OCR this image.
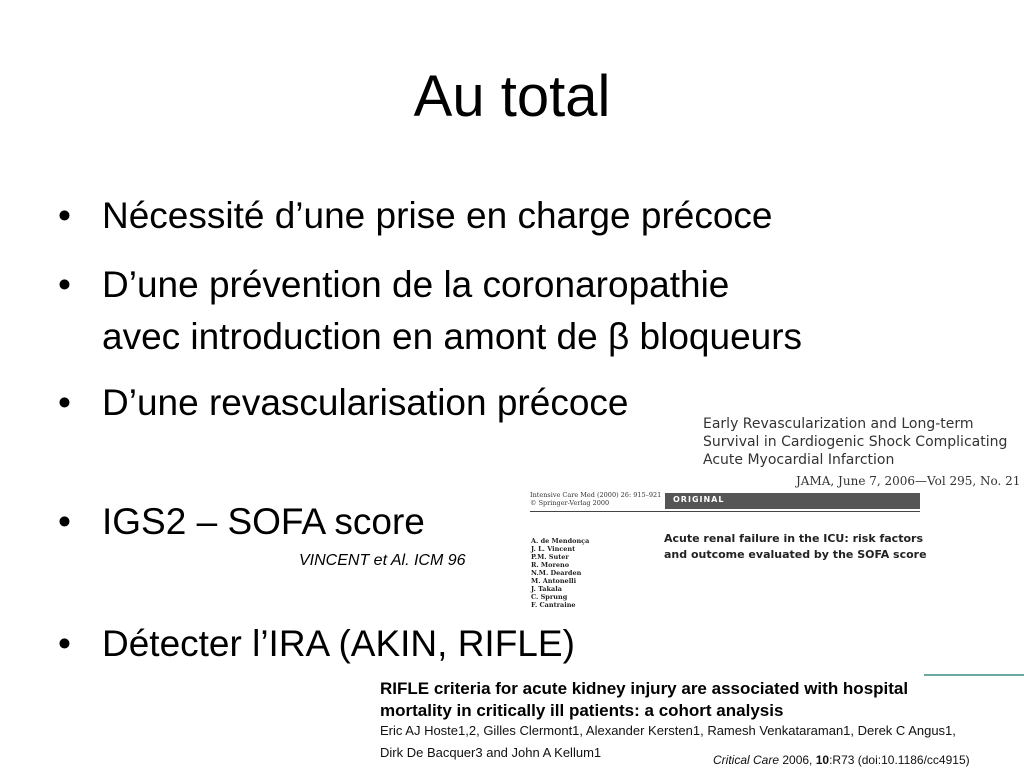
Au total
• Nécessité d’une prise en charge précoce
• D’une prévention de la coronaropathie
avec introduction en amont de β bloqueurs
• D’une revascularisation précoce
• IGS2 – SOFA score
VINCENT et Al. ICM 96
• Détecter l’IRA (AKIN, RIFLE)
Early Revascularization and Long-term
Survival in Cardiogenic Shock Complicating
Acute Myocardial Infarction
JAMA, June 7, 2006—Vol 295, No. 21
Intensive Care Med (2000) 26: 915–921
© Springer-Verlag 2000	ORIGINAL
A. de Mendonça
J. L. Vincent
P.M. Suter
R. Moreno
N.M. Dearden
M. Antonelli
J. Takala
C. Sprung
F. Cantraine
Acute renal failure in the ICU: risk factors
and outcome evaluated by the SOFA score
RIFLE criteria for acute kidney injury are associated with hospital
mortality in critically ill patients: a cohort analysis
Eric AJ Hoste1,2, Gilles Clermont1, Alexander Kersten1, Ramesh Venkataraman1, Derek C Angus1,
Dirk De Bacquer3 and John A Kellum1	Critical Care 2006, 10:R73 (doi:10.1186/cc4915)
